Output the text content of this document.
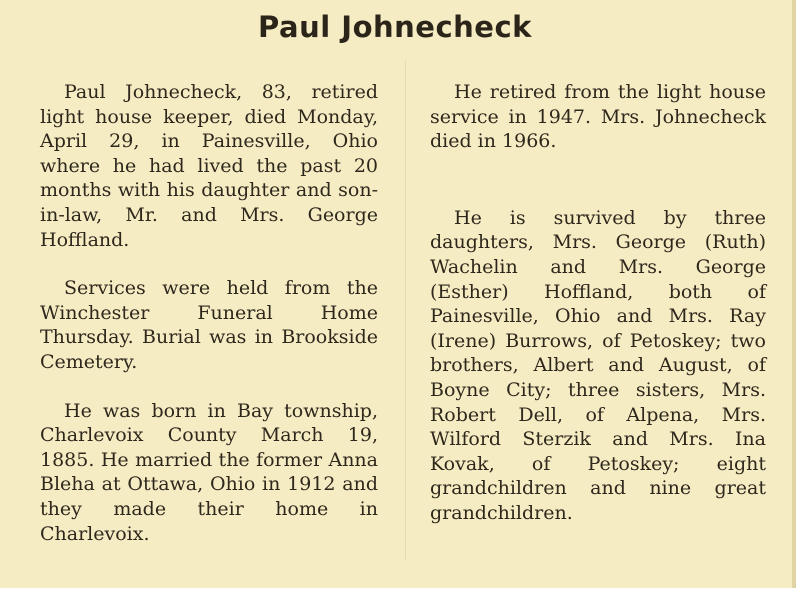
Paul Johnecheck

Paul Johnecheck, 83, retired light house keeper, died Monday, April 29, in Painesville, Ohio where he had lived the past 20 months with his daughter and son-in-law, Mr. and Mrs. George Hoffland.

Services were held from the Winchester Funeral Home Thursday. Burial was in Brookside Cemetery.

He was born in Bay township, Charlevoix County March 19, 1885. He married the former Anna Bleha at Ottawa, Ohio in 1912 and they made their home in Charlevoix.

He retired from the light house service in 1947. Mrs. Johnecheck died in 1966.

He is survived by three daughters, Mrs. George (Ruth) Wachelin and Mrs. George (Esther) Hoffland, both of Painesville, Ohio and Mrs. Ray (Irene) Burrows, of Petoskey; two brothers, Albert and August, of Boyne City; three sisters, Mrs. Robert Dell, of Alpena, Mrs. Wilford Sterzik and Mrs. Ina Kovak, of Petoskey; eight grandchildren and nine great grandchildren.
